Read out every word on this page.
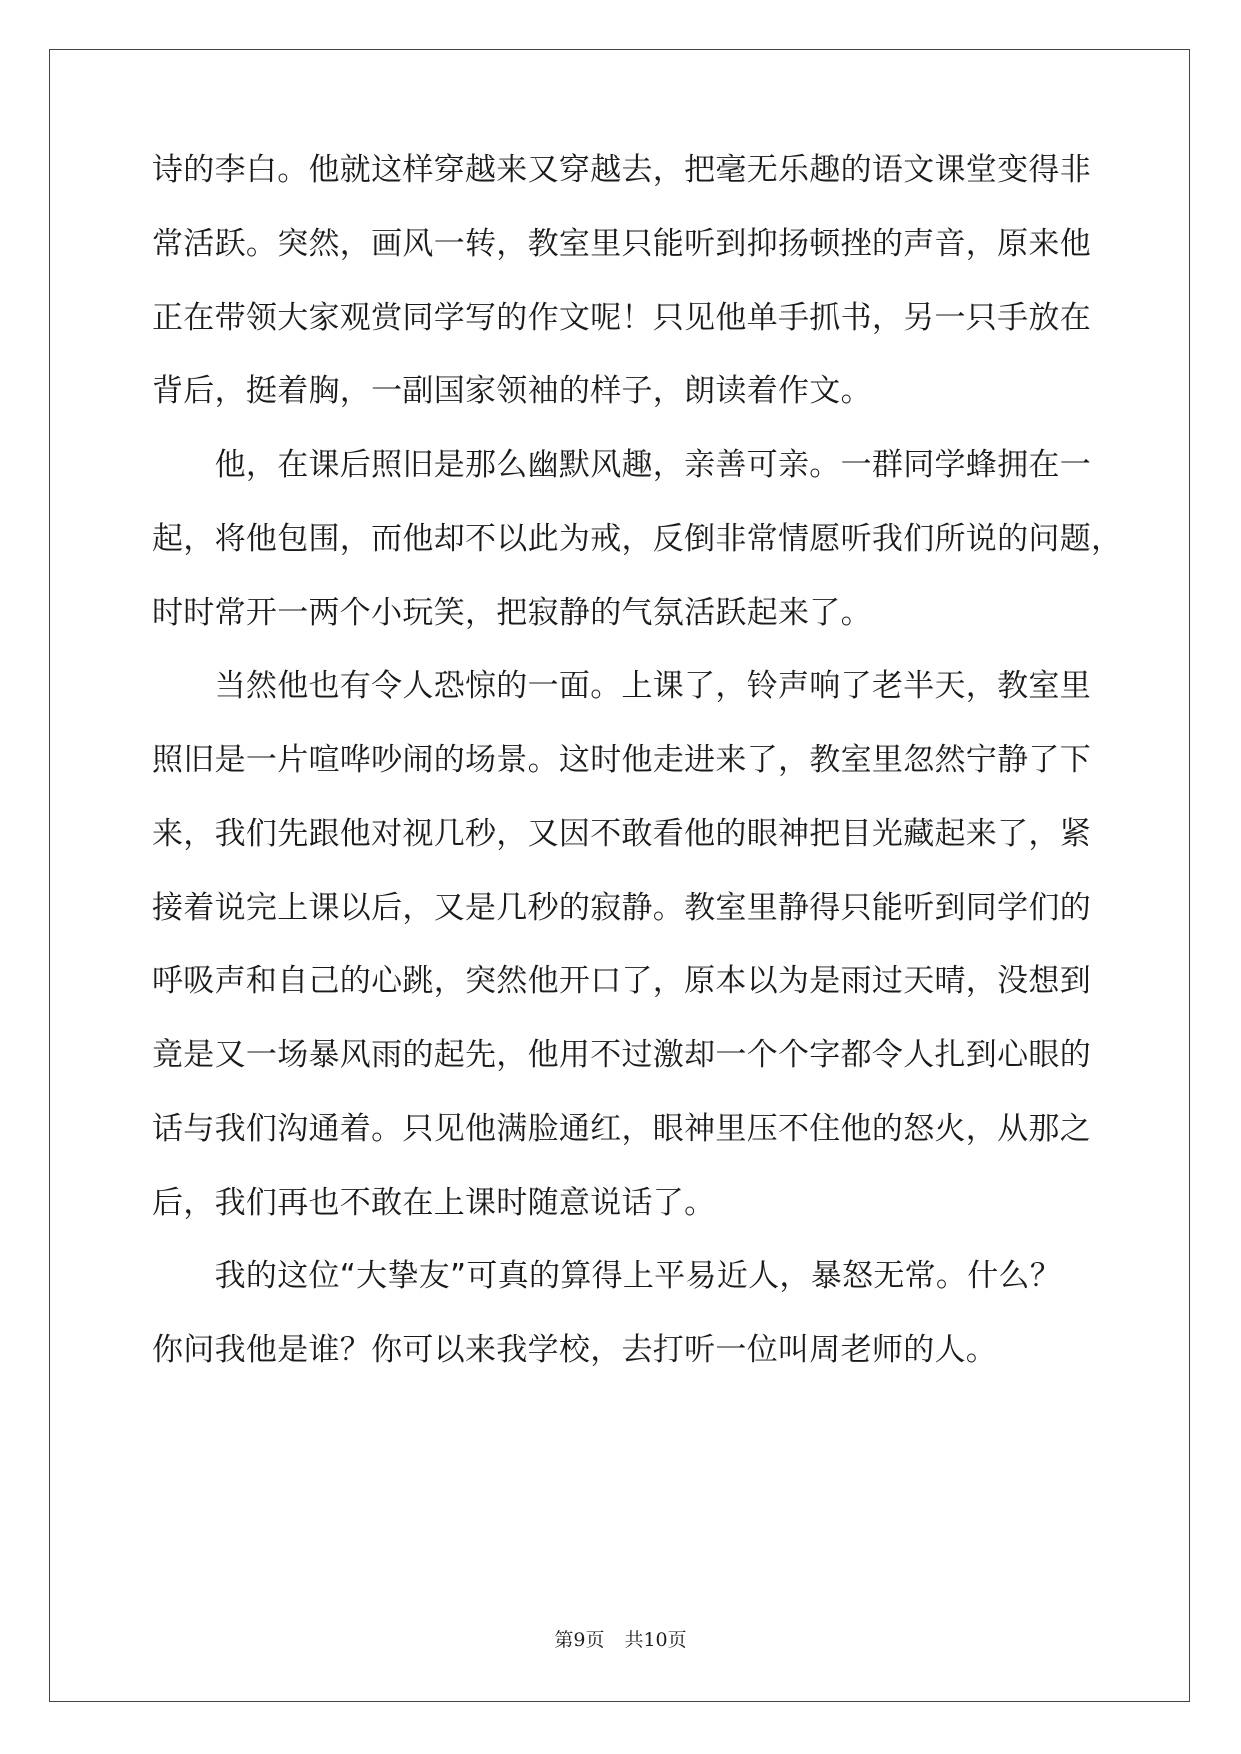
诗的李白。他就这样穿越来又穿越去，把毫无乐趣的语文课堂变得非
常活跃。突然，画风一转，教室里只能听到抑扬顿挫的声音，原来他
正在带领大家观赏同学写的作文呢！只见他单手抓书，另一只手放在
背后，挺着胸，一副国家领袖的样子，朗读着作文。
　　他，在课后照旧是那么幽默风趣，亲善可亲。一群同学蜂拥在一
起，将他包围，而他却不以此为戒，反倒非常情愿听我们所说的问题，
时时常开一两个小玩笑，把寂静的气氛活跃起来了。
　　当然他也有令人恐惊的一面。上课了，铃声响了老半天，教室里
照旧是一片喧哗吵闹的场景。这时他走进来了，教室里忽然宁静了下
来，我们先跟他对视几秒，又因不敢看他的眼神把目光藏起来了，紧
接着说完上课以后，又是几秒的寂静。教室里静得只能听到同学们的
呼吸声和自己的心跳，突然他开口了，原本以为是雨过天晴，没想到
竟是又一场暴风雨的起先，他用不过激却一个个字都令人扎到心眼的
话与我们沟通着。只见他满脸通红，眼神里压不住他的怒火，从那之
后，我们再也不敢在上课时随意说话了。
　　我的这位“大挚友”可真的算得上平易近人，暴怒无常。什么？
你问我他是谁？你可以来我学校，去打听一位叫周老师的人。
第9页 共10页
